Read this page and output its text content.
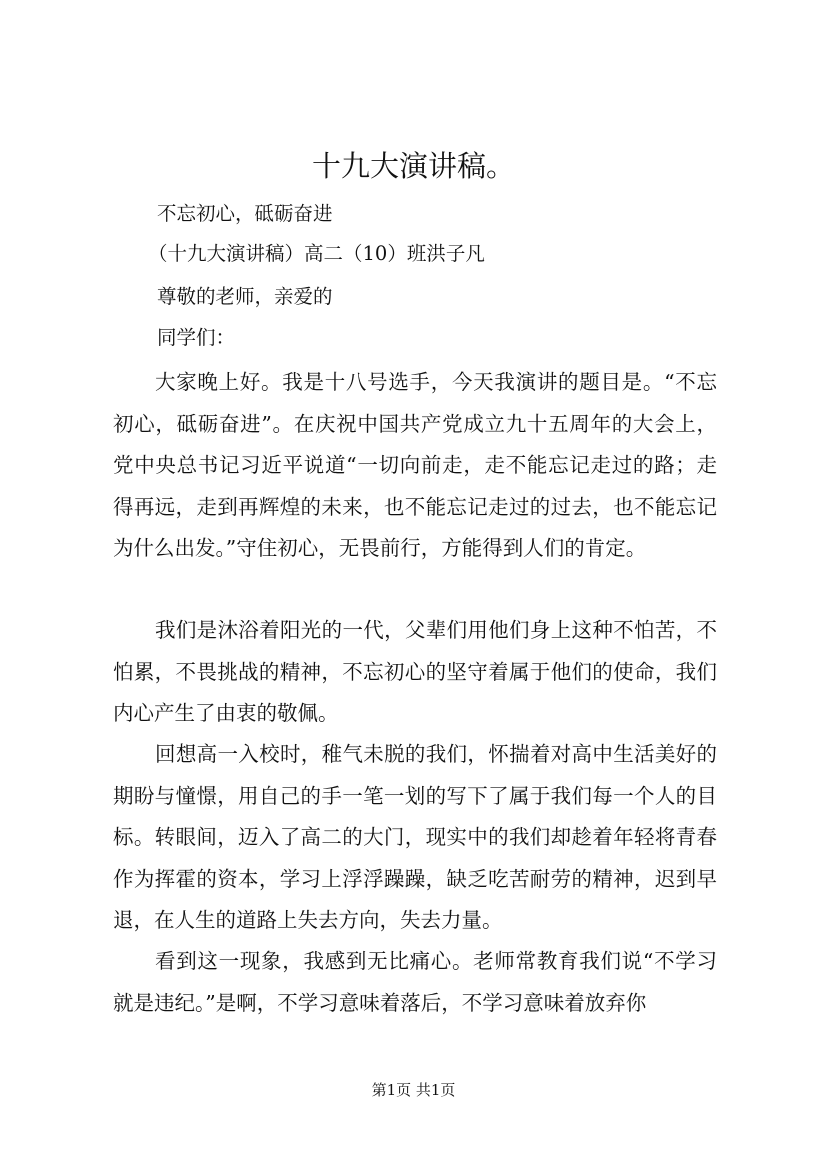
十九大演讲稿。

不忘初心，砥砺奋进

（十九大演讲稿）高二（10）班洪子凡

尊敬的老师，亲爱的

同学们：

大家晚上好。我是十八号选手，今天我演讲的题目是。“不忘初心，砥砺奋进”。在庆祝中国共产党成立九十五周年的大会上，党中央总书记习近平说道“一切向前走，走不能忘记走过的路；走得再远，走到再辉煌的未来，也不能忘记走过的过去，也不能忘记为什么出发。”守住初心，无畏前行，方能得到人们的肯定。

我们是沐浴着阳光的一代，父辈们用他们身上这种不怕苦，不怕累，不畏挑战的精神，不忘初心的坚守着属于他们的使命，我们内心产生了由衷的敬佩。

回想高一入校时，稚气未脱的我们，怀揣着对高中生活美好的期盼与憧憬，用自己的手一笔一划的写下了属于我们每一个人的目标。转眼间，迈入了高二的大门，现实中的我们却趁着年轻将青春作为挥霍的资本，学习上浮浮躁躁，缺乏吃苦耐劳的精神，迟到早退，在人生的道路上失去方向，失去力量。

看到这一现象，我感到无比痛心。老师常教育我们说“不学习就是违纪。”是啊，不学习意味着落后，不学习意味着放弃你

第1页 共1页
